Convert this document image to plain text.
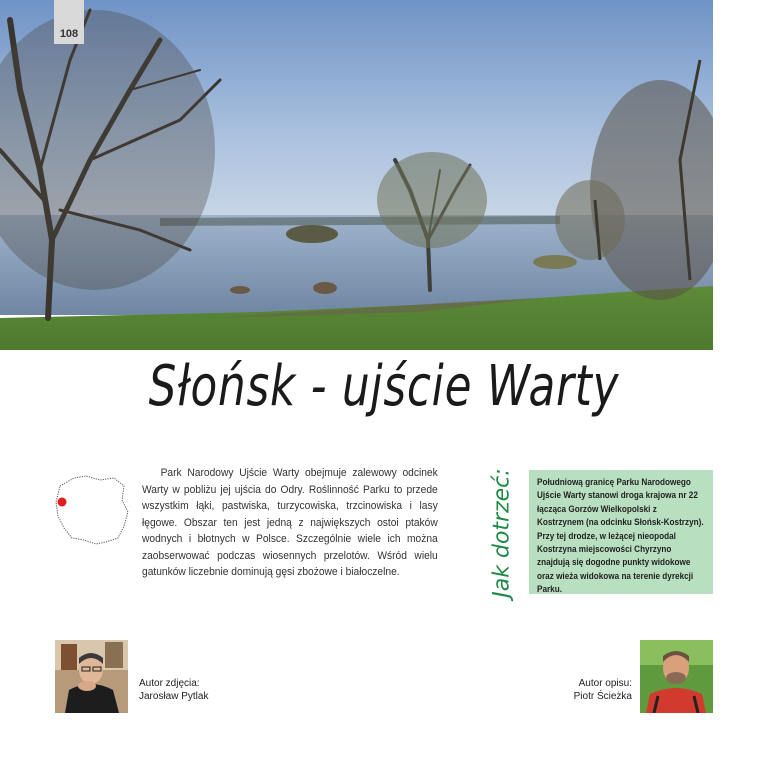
108
Słońsk - ujście Warty
Park Narodowy Ujście Warty obejmuje zalewowy odcinek Warty w pobliżu jej ujścia do Odry. Roślinność Parku to przede wszystkim łąki, pastwiska, turzycowiska, trzcinowiska i lasy łęgowe. Obszar ten jest jedną z największych ostoi ptaków wodnych i błotnych w Polsce. Szczególnie wiele ich można zaobserwować podczas wiosennych przelotów. Wśród wielu gatunków liczebnie dominują gęsi zbożowe i białoczelne.	Jak dotrzeć: Południową granicę Parku Narodowego Ujście Warty stanowi droga krajowa nr 22 łącząca Gorzów Wielkopolski z Kostrzynem (na odcinku Słońsk-Kostrzyn). Przy tej drodze, w leżącej nieopodal Kostrzyna miejscowości Chyrzyno znajdują się dogodne punkty widokowe oraz wieża widokowa na terenie dyrekcji Parku.

Autor zdjęcia:
Jarosław Pytlak
Autor opisu:
Piotr Ścieżka
